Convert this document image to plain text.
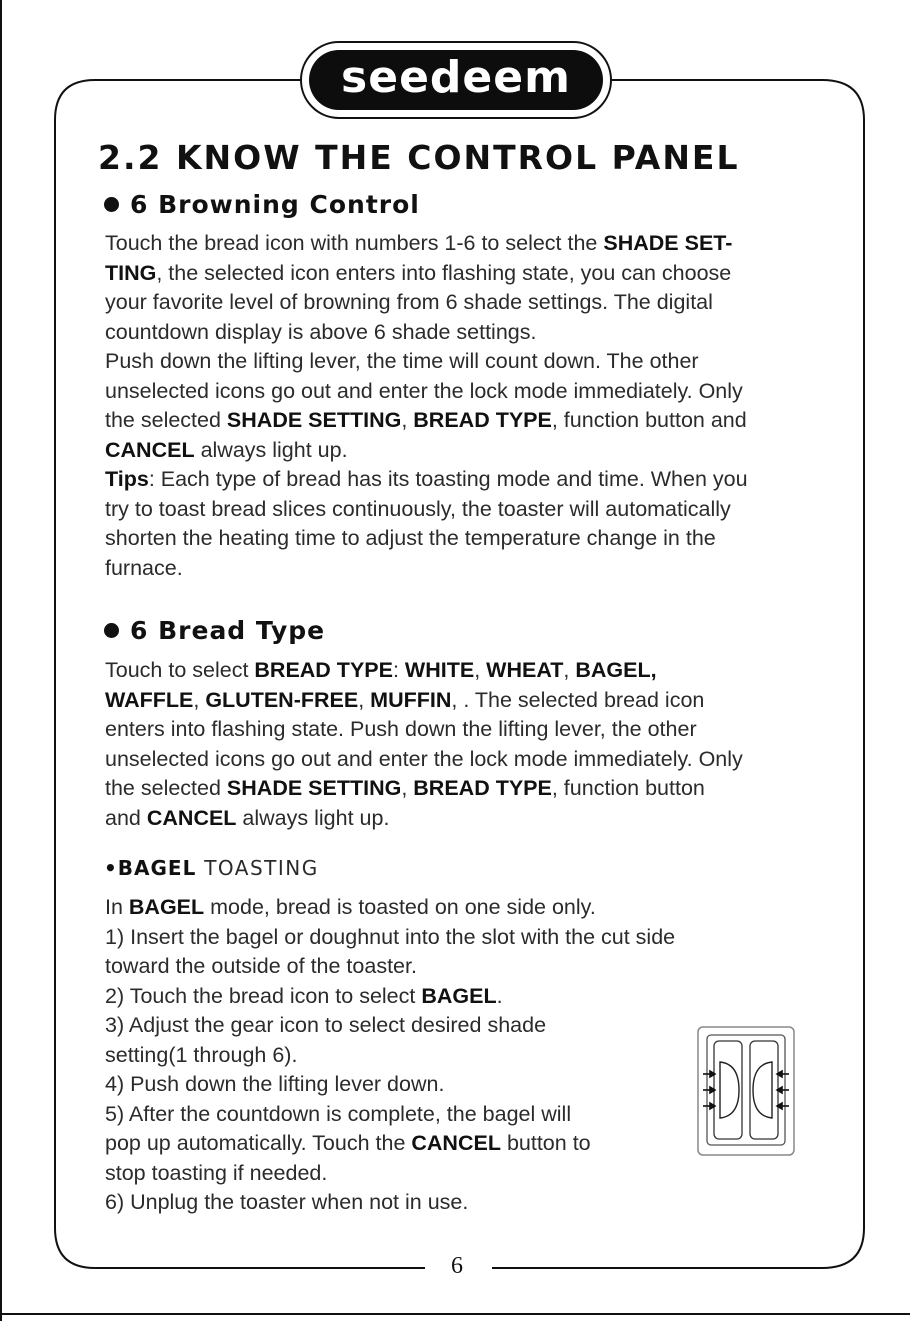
seedeem
2.2 KNOW THE CONTROL PANEL
6 Browning Control
Touch the bread icon with numbers 1-6 to select the SHADE SET-
TING, the selected icon enters into flashing state, you can choose
your favorite level of browning from 6 shade settings. The digital
countdown display is above 6 shade settings.
Push down the lifting lever, the time will count down. The other
unselected icons go out and enter the lock mode immediately. Only
the selected SHADE SETTING, BREAD TYPE, function button and
CANCEL always light up.
Tips: Each type of bread has its toasting mode and time. When you
try to toast bread slices continuously, the toaster will automatically
shorten the heating time to adjust the temperature change in the
furnace.
6 Bread Type
Touch to select BREAD TYPE: WHITE, WHEAT, BAGEL,
WAFFLE, GLUTEN-FREE, MUFFIN, . The selected bread icon
enters into flashing state. Push down the lifting lever, the other
unselected icons go out and enter the lock mode immediately. Only
the selected SHADE SETTING, BREAD TYPE, function button
and CANCEL always light up.
•BAGEL TOASTING
In BAGEL mode, bread is toasted on one side only.
1) Insert the bagel or doughnut into the slot with the cut side
toward the outside of the toaster.
2) Touch the bread icon to select BAGEL.
3) Adjust the gear icon to select desired shade
setting(1 through 6).
4) Push down the lifting lever down.
5) After the countdown is complete, the bagel will
pop up automatically. Touch the CANCEL button to
stop toasting if needed.
6) Unplug the toaster when not in use.
6
